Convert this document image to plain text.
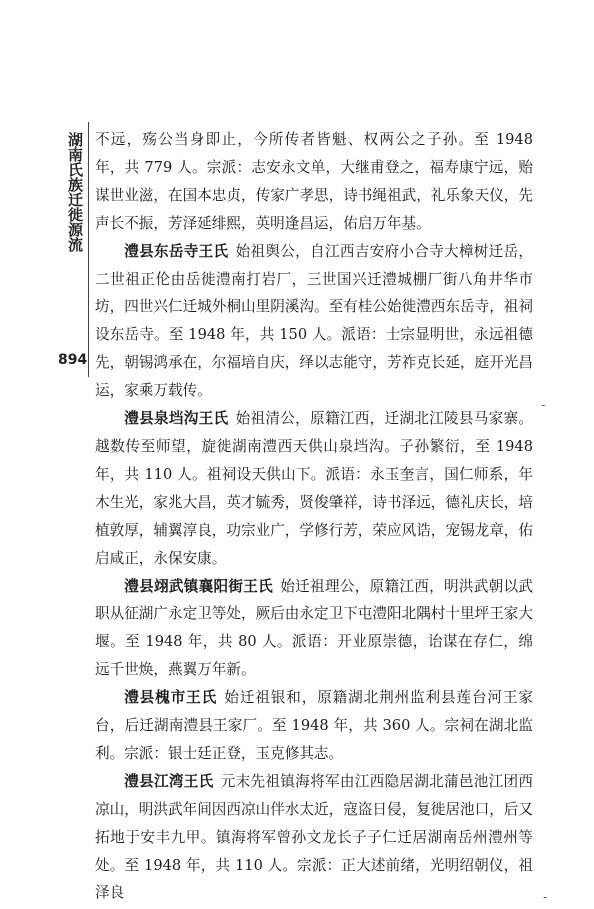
湖南氏族迁徙源流
894

不远，殇公当身即止，今所传者皆魁、权两公之子孙。至 1948 年，共 779 人。宗派：志安永文单，大继甫登之，福寿康宁远，贻谋世业滋，在国本忠贞，传家广孝思，诗书绳祖武，礼乐象天仪，先声长不振，芳泽延绯熙，英明逢昌运，佑启万年基。

澧县东岳寺王氏 始祖舆公，自江西吉安府小合寺大樟树迁岳，二世祖正伦由岳徙澧南打岩厂，三世国兴迁澧城棚厂街八角井华市坊，四世兴仁迁城外桐山里阴溪沟。至有桂公始徙澧西东岳寺，祖祠设东岳寺。至 1948 年，共 150 人。派语：士宗显明世，永远祖德先，朝锡鸿承在，尔福培自庆，绎以志能守，芳祚克长延，庭开光昌运，家乘万载传。

澧县泉垱沟王氏 始祖清公，原籍江西，迁湖北江陵县马家寨。越数传至师望，旋徙湖南澧西天供山泉垱沟。子孙繁衍，至 1948 年，共 110 人。祖祠设天供山下。派语：永玉奎言，国仁师系，年木生光，家兆大昌，英才毓秀，贤俊肇祥，诗书泽远，德礼庆长，培植敦厚，辅翼淳良，功宗业广，学修行芳，荣应风诰，宠锡龙章，佑启咸正，永保安康。

澧县翊武镇襄阳街王氏 始迁祖理公，原籍江西，明洪武朝以武职从征湖广永定卫等处，厥后由永定卫下屯澧阳北隅村十里坪王家大堰。至 1948 年，共 80 人。派语：开业原崇德，诒谋在存仁，绵远千世焕，燕翼万年新。

澧县槐市王氏 始迁祖银和，原籍湖北荆州监利县莲台河王家台，后迁湖南澧县王家厂。至 1948 年，共 360 人。宗祠在湖北监利。宗派：银士廷正登，玉克修其志。

澧县江湾王氏 元末先祖镇海将军由江西隐居湖北蒲邑池江团西凉山，明洪武年间因西凉山伴水太近，寇盗日侵，复徙居池口，后又拓地于安丰九甲。镇海将军曾孙文龙长子子仁迁居湖南岳州澧州等处。至 1948 年，共 110 人。宗派：正大述前绪，光明绍朝仪，祖泽良

-
-
